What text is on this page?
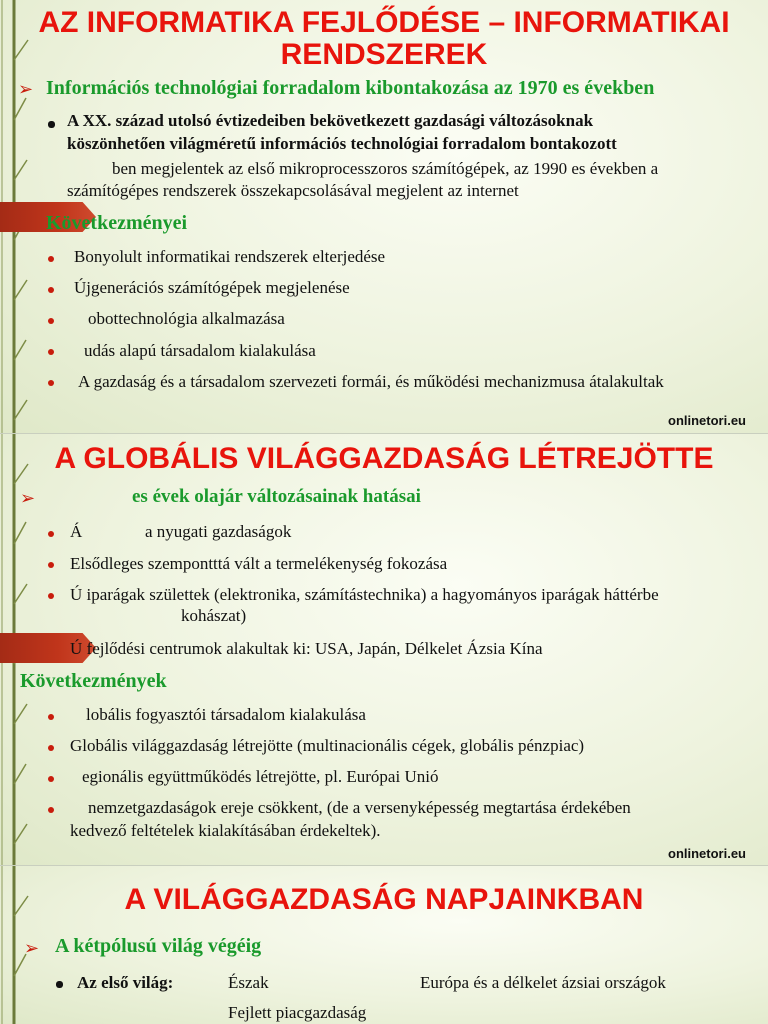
AZ INFORMATIKA FEJLŐDÉSE – INFORMATIKAI
RENDSZEREK
➢ Információs technológiai forradalom kibontakozása az 1970 es években
A XX. század utolsó évtizedeiben bekövetkezett gazdasági változásoknak
köszönhetően világméretű információs technológiai forradalom bontakozott
ben megjelentek az első mikroprocesszoros számítógépek, az 1990 es években a
számítógépes rendszerek összekapcsolásával megjelent az internet
Következményei
Bonyolult informatikai rendszerek elterjedése
Újgenerációs számítógépek megjelenése
obottechnológia alkalmazása
udás alapú társadalom kialakulása
A gazdaság és a társadalom szervezeti formái, és működési mechanizmusa átalakultak
onlinetori.eu
A GLOBÁLIS VILÁGGAZDASÁG LÉTREJÖTTE
➢	es évek olajár változásainak hatásai
Á	a nyugati gazdaságok
Elsődleges szempontttá vált a termelékenység fokozása
Ú iparágak születtek (elektronika, számítástechnika) a hagyományos iparágak háttérbe
kohászat)
Ú fejlődési centrumok alakultak ki: USA, Japán, Délkelet Ázsia Kína
Következmények
lobális fogyasztói társadalom kialakulása
Globális világgazdaság létrejötte (multinacionális cégek, globális pénzpiac)
egionális együttműködés létrejötte, pl. Európai Unió
nemzetgazdaságok ereje csökkent, (de a versenyképesség megtartása érdekében
kedvező feltételek kialakításában érdekeltek).
onlinetori.eu
A VILÁGGAZDASÁG NAPJAINKBAN
➢ A kétpólusú világ végéig
Az első világ:	Észak	Európa és a délkelet ázsiai országok
Fejlett piacgazdaság
